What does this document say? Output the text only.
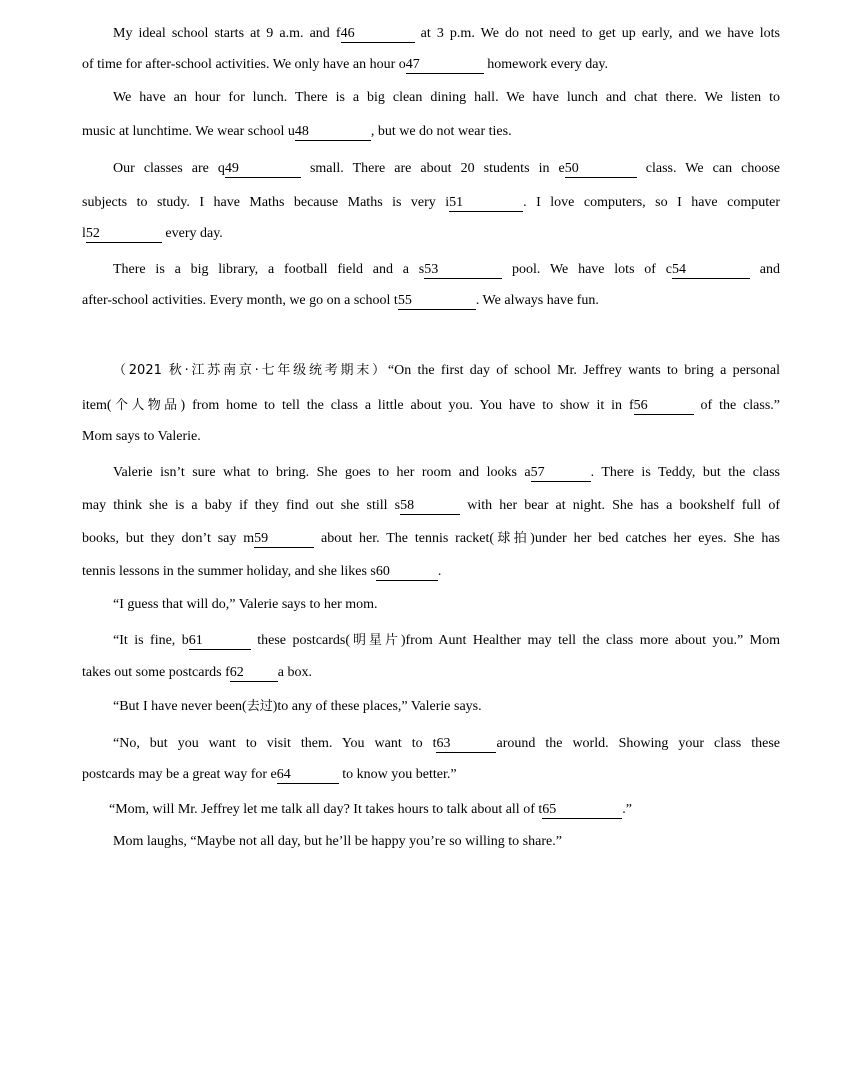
My ideal school starts at 9 a.m. and f46	at 3 p.m. We do not need to get up early, and we have lots
of time for after-school activities. We only have an hour o47	homework every day.
We have an hour for lunch. There is a big clean dining hall. We have lunch and chat there. We listen to
music at lunchtime. We wear school u48	, but we do not wear ties.
Our classes are q49	small. There are about 20 students in e50	class. We can choose
subjects to study. I have Maths because Maths is very i51	. I love computers, so I have computer
l52	every day.
There is a big library, a football field and a s53	pool. We have lots of c54	and
after-school activities. Every month, we go on a school t55	. We always have fun.
（2021 秋·江苏南京·七年级统考期末）“On the first day of school Mr. Jeffrey wants to bring a personal
item(个人物品) from home to tell the class a little about you. You have to show it in f56	of the class.”
Mom says to Valerie.
Valerie isn’t sure what to bring. She goes to her room and looks a57	. There is Teddy, but the class
may think she is a baby if they find out she still s58	with her bear at night. She has a bookshelf full of
books, but they don’t say m59	about her. The tennis racket(球拍)under her bed catches her eyes. She has
tennis lessons in the summer holiday, and she likes s60	.
“I guess that will do,” Valerie says to her mom.
“It is fine, b61	these postcards(明星片)from Aunt Healther may tell the class more about you.” Mom
takes out some postcards f62 a box.
“But I have never been(去过)to any of these places,” Valerie says.
“No, but you want to visit them. You want to t63	around the world. Showing your class these
postcards may be a great way for e64	to know you better.”
“Mom, will Mr. Jeffrey let me talk all day? It takes hours to talk about all of t65	.”
Mom laughs, “Maybe not all day, but he’ll be happy you’re so willing to share.”
